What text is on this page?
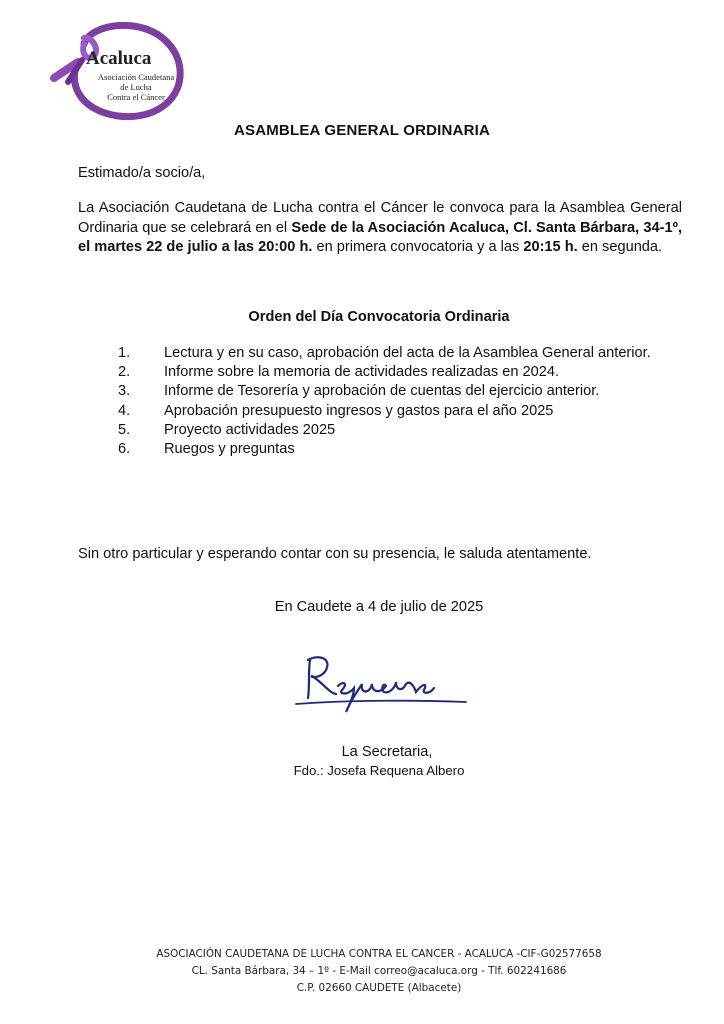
Acaluca
Asociación Caudetana
de Lucha
Contra el Cáncer
ASAMBLEA GENERAL ORDINARIA
Estimado/a socio/a,
La Asociación Caudetana de Lucha contra el Cáncer le convoca para la Asamblea General Ordinaria que se celebrará en el Sede de la Asociación Acaluca, Cl. Santa Bárbara, 34-1º, el martes 22 de julio a las 20:00 h. en primera convocatoria y a las 20:15 h. en segunda.
Orden del Día Convocatoria Ordinaria
1.	Lectura y en su caso, aprobación del acta de la Asamblea General anterior.
2.	Informe sobre la memoria de actividades realizadas en 2024.
3.	Informe de Tesorería y aprobación de cuentas del ejercicio anterior.
4.	Aprobación presupuesto ingresos y gastos para el año 2025
5.	Proyecto actividades 2025
6.	Ruegos y preguntas
Sin otro particular y esperando contar con su presencia, le saluda atentamente.
En Caudete a 4 de julio de 2025
La Secretaria,
Fdo.: Josefa Requena Albero
ASOCIACIÓN CAUDETANA DE LUCHA CONTRA EL CANCER - ACALUCA -CIF-G02577658
CL. Santa Bárbara, 34 – 1º - E-Mail correo@acaluca.org - Tlf. 602241686
C.P. 02660 CAUDETE (Albacete)
